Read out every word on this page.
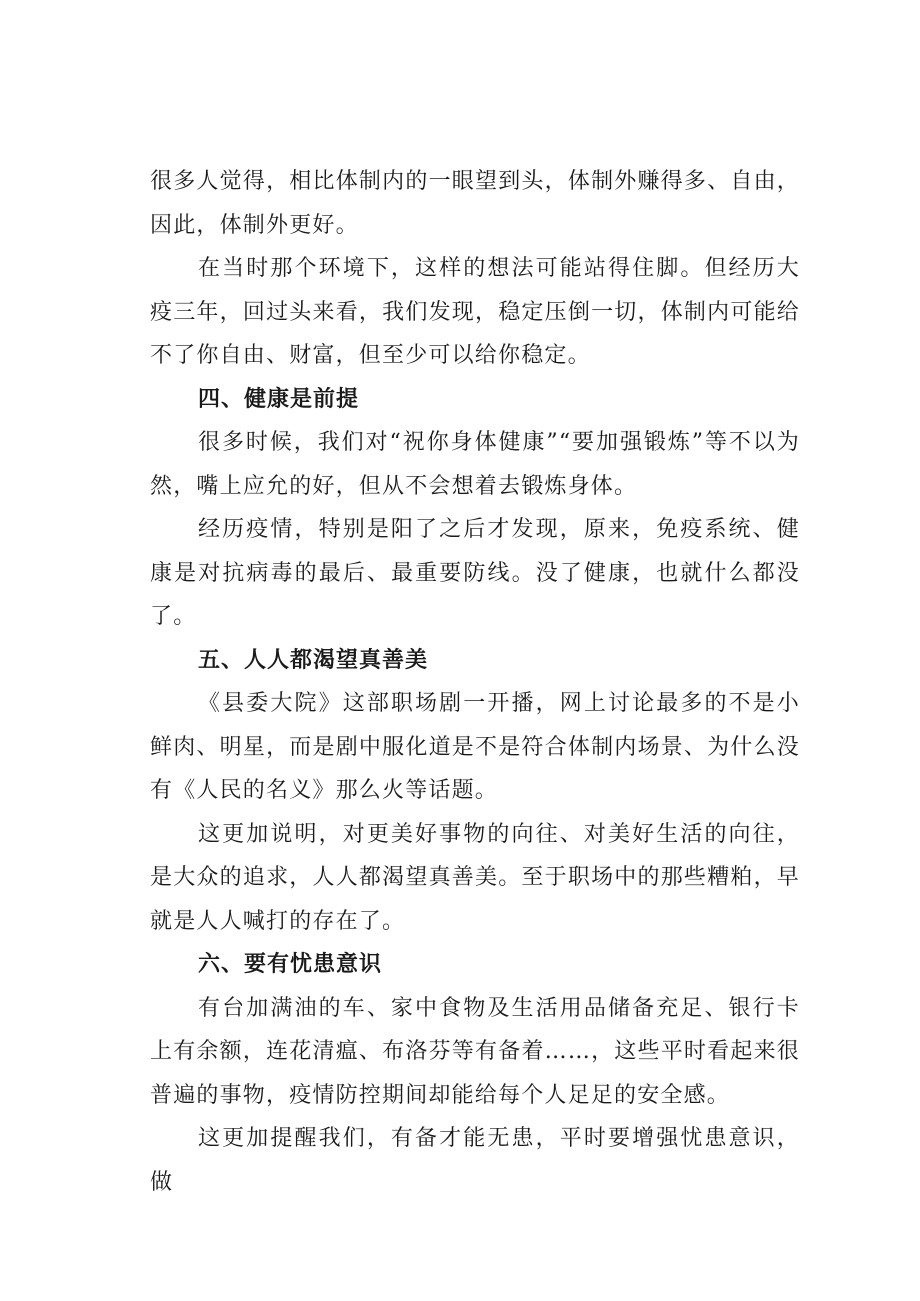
很多人觉得，相比体制内的一眼望到头，体制外赚得多、自由，因此，体制外更好。

在当时那个环境下，这样的想法可能站得住脚。但经历大疫三年，回过头来看，我们发现，稳定压倒一切，体制内可能给不了你自由、财富，但至少可以给你稳定。

四、健康是前提

很多时候，我们对“祝你身体健康”“要加强锻炼”等不以为然，嘴上应允的好，但从不会想着去锻炼身体。

经历疫情，特别是阳了之后才发现，原来，免疫系统、健康是对抗病毒的最后、最重要防线。没了健康，也就什么都没了。

五、人人都渴望真善美

《县委大院》这部职场剧一开播，网上讨论最多的不是小鲜肉、明星，而是剧中服化道是不是符合体制内场景、为什么没有《人民的名义》那么火等话题。

这更加说明，对更美好事物的向往、对美好生活的向往，是大众的追求，人人都渴望真善美。至于职场中的那些糟粕，早就是人人喊打的存在了。

六、要有忧患意识

有台加满油的车、家中食物及生活用品储备充足、银行卡上有余额，连花清瘟、布洛芬等有备着……，这些平时看起来很普遍的事物，疫情防控期间却能给每个人足足的安全感。

这更加提醒我们，有备才能无患，平时要增强忧患意识，做
